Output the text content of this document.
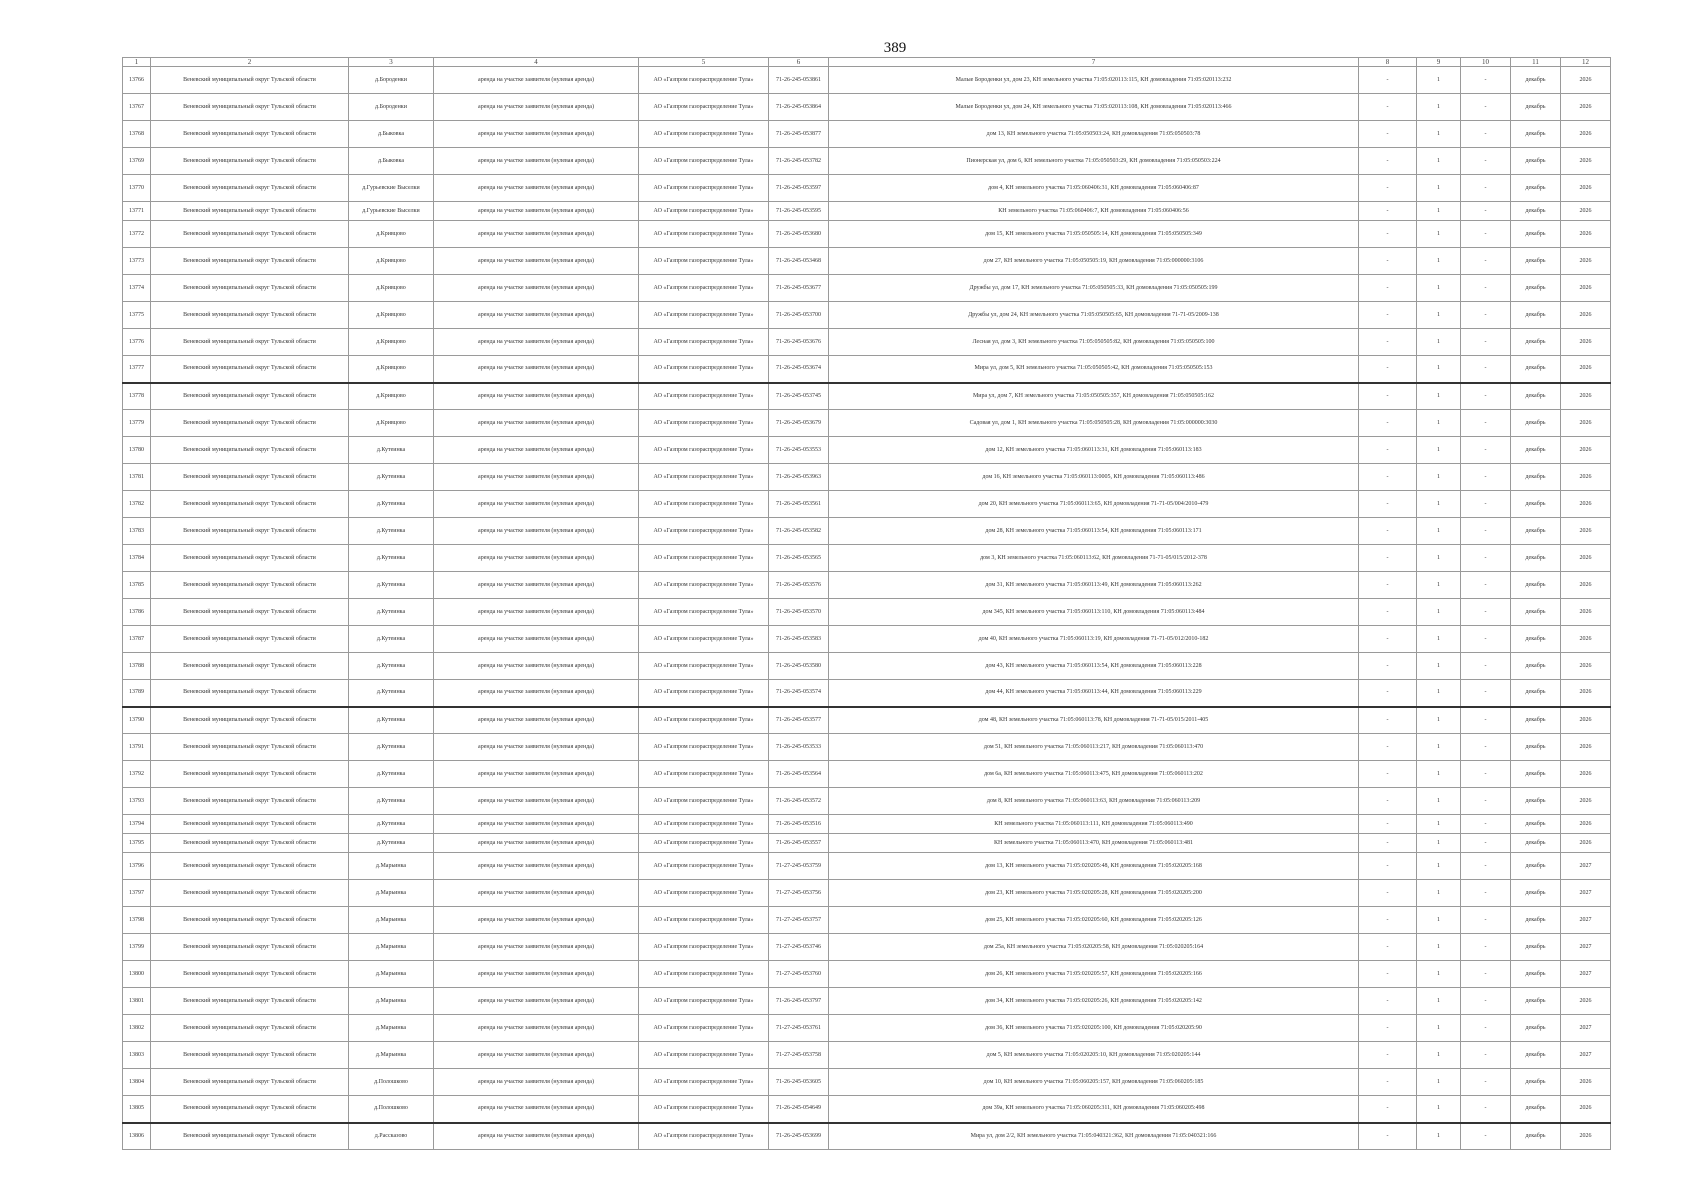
389
1	2	3	4	5	6	7	8	9	10	11	12
13766	Веневский муниципальный округ Тульской области	д.Бороденки	аренда на участке заявителя (нулевая аренда)	АО «Газпром газораспределение Тула»	71-26-245-053861	Малые Бороденки ул, дом 23, КН земельного участка 71:05:020113:115, КН домовладения 71:05:020113:232	-	1	-	декабрь	2026
13767	Веневский муниципальный округ Тульской области	д.Бороденки	аренда на участке заявителя (нулевая аренда)	АО «Газпром газораспределение Тула»	71-26-245-053864	Малые Бороденки ул, дом 24, КН земельного участка 71:05:020113:108, КН домовладения 71:05:020113:466	-	1	-	декабрь	2026
13768	Веневский муниципальный округ Тульской области	д.Быковка	аренда на участке заявителя (нулевая аренда)	АО «Газпром газораспределение Тула»	71-26-245-053877	дом 13, КН земельного участка 71:05:050503:24, КН домовладения 71:05:050503:78	-	1	-	декабрь	2026
13769	Веневский муниципальный округ Тульской области	д.Быковка	аренда на участке заявителя (нулевая аренда)	АО «Газпром газораспределение Тула»	71-26-245-053782	Пионерская ул, дом 6, КН земельного участка 71:05:050503:29, КН домовладения 71:05:050503:224	-	1	-	декабрь	2026
13770	Веневский муниципальный округ Тульской области	д.Гурьевские Выселки	аренда на участке заявителя (нулевая аренда)	АО «Газпром газораспределение Тула»	71-26-245-053597	дом 4, КН земельного участка 71:05:060406:31, КН домовладения 71:05:060406:87	-	1	-	декабрь	2026
13771	Веневский муниципальный округ Тульской области	д.Гурьевские Выселки	аренда на участке заявителя (нулевая аренда)	АО «Газпром газораспределение Тула»	71-26-245-053595	КН земельного участка 71:05:060406:7, КН домовладения 71:05:060406:56	-	1	-	декабрь	2026
13772	Веневский муниципальный округ Тульской области	д.Кривцово	аренда на участке заявителя (нулевая аренда)	АО «Газпром газораспределение Тула»	71-26-245-053680	дом 15, КН земельного участка 71:05:050505:14, КН домовладения 71:05:050505:349	-	1	-	декабрь	2026
13773	Веневский муниципальный округ Тульской области	д.Кривцово	аренда на участке заявителя (нулевая аренда)	АО «Газпром газораспределение Тула»	71-26-245-053468	дом 27, КН земельного участка 71:05:050505:19, КН домовладения 71:05:000000:3106	-	1	-	декабрь	2026
13774	Веневский муниципальный округ Тульской области	д.Кривцово	аренда на участке заявителя (нулевая аренда)	АО «Газпром газораспределение Тула»	71-26-245-053677	Дружбы ул, дом 17, КН земельного участка 71:05:050505:33, КН домовладения 71:05:050505:199	-	1	-	декабрь	2026
13775	Веневский муниципальный округ Тульской области	д.Кривцово	аренда на участке заявителя (нулевая аренда)	АО «Газпром газораспределение Тула»	71-26-245-053700	Дружбы ул, дом 24, КН земельного участка 71:05:050505:65, КН домовладения 71-71-05/2009-138	-	1	-	декабрь	2026
13776	Веневский муниципальный округ Тульской области	д.Кривцово	аренда на участке заявителя (нулевая аренда)	АО «Газпром газораспределение Тула»	71-26-245-053676	Лесная ул, дом 3, КН земельного участка 71:05:050505:82, КН домовладения 71:05:050505:100	-	1	-	декабрь	2026
13777	Веневский муниципальный округ Тульской области	д.Кривцово	аренда на участке заявителя (нулевая аренда)	АО «Газпром газораспределение Тула»	71-26-245-053674	Мира ул, дом 5, КН земельного участка 71:05:050505:42, КН домовладения 71:05:050505:153	-	1	-	декабрь	2026
13778	Веневский муниципальный округ Тульской области	д.Кривцово	аренда на участке заявителя (нулевая аренда)	АО «Газпром газораспределение Тула»	71-26-245-053745	Мира ул, дом 7, КН земельного участка 71:05:050505:357, КН домовладения 71:05:050505:162	-	1	-	декабрь	2026
13779	Веневский муниципальный округ Тульской области	д.Кривцово	аренда на участке заявителя (нулевая аренда)	АО «Газпром газораспределение Тула»	71-26-245-053679	Садовая ул, дом 1, КН земельного участка 71:05:050505:28, КН домовладения 71:05:000000:3030	-	1	-	декабрь	2026
13780	Веневский муниципальный округ Тульской области	д.Кутеинка	аренда на участке заявителя (нулевая аренда)	АО «Газпром газораспределение Тула»	71-26-245-053553	дом 12, КН земельного участка 71:05:060113:31, КН домовладения 71:05:060113:183	-	1	-	декабрь	2026
13781	Веневский муниципальный округ Тульской области	д.Кутеинка	аренда на участке заявителя (нулевая аренда)	АО «Газпром газораспределение Тула»	71-26-245-053963	дом 16, КН земельного участка 71:05:060113:0005, КН домовладения 71:05:060113:486	-	1	-	декабрь	2026
13782	Веневский муниципальный округ Тульской области	д.Кутеинка	аренда на участке заявителя (нулевая аренда)	АО «Газпром газораспределение Тула»	71-26-245-053561	дом 20, КН земельного участка 71:05:060113:65, КН домовладения 71-71-05/004/2010-479	-	1	-	декабрь	2026
13783	Веневский муниципальный округ Тульской области	д.Кутеинка	аренда на участке заявителя (нулевая аренда)	АО «Газпром газораспределение Тула»	71-26-245-053582	дом 28, КН земельного участка 71:05:060113:54, КН домовладения 71:05:060113:171	-	1	-	декабрь	2026
13784	Веневский муниципальный округ Тульской области	д.Кутеинка	аренда на участке заявителя (нулевая аренда)	АО «Газпром газораспределение Тула»	71-26-245-053565	дом 3, КН земельного участка 71:05:060113:62, КН домовладения 71-71-05/015/2012-378	-	1	-	декабрь	2026
13785	Веневский муниципальный округ Тульской области	д.Кутеинка	аренда на участке заявителя (нулевая аренда)	АО «Газпром газораспределение Тула»	71-26-245-053576	дом 31, КН земельного участка 71:05:060113:49, КН домовладения 71:05:060113:262	-	1	-	декабрь	2026
13786	Веневский муниципальный округ Тульской области	д.Кутеинка	аренда на участке заявителя (нулевая аренда)	АО «Газпром газораспределение Тула»	71-26-245-053570	дом 345, КН земельного участка 71:05:060113:110, КН домовладения 71:05:060113:484	-	1	-	декабрь	2026
13787	Веневский муниципальный округ Тульской области	д.Кутеинка	аренда на участке заявителя (нулевая аренда)	АО «Газпром газораспределение Тула»	71-26-245-053583	дом 40, КН земельного участка 71:05:060113:19, КН домовладения 71-71-05/012/2010-182	-	1	-	декабрь	2026
13788	Веневский муниципальный округ Тульской области	д.Кутеинка	аренда на участке заявителя (нулевая аренда)	АО «Газпром газораспределение Тула»	71-26-245-053580	дом 43, КН земельного участка 71:05:060113:54, КН домовладения 71:05:060113:228	-	1	-	декабрь	2026
13789	Веневский муниципальный округ Тульской области	д.Кутеинка	аренда на участке заявителя (нулевая аренда)	АО «Газпром газораспределение Тула»	71-26-245-053574	дом 44, КН земельного участка 71:05:060113:44, КН домовладения 71:05:060113:229	-	1	-	декабрь	2026
13790	Веневский муниципальный округ Тульской области	д.Кутеинка	аренда на участке заявителя (нулевая аренда)	АО «Газпром газораспределение Тула»	71-26-245-053577	дом 48, КН земельного участка 71:05:060113:78, КН домовладения 71-71-05/015/2011-405	-	1	-	декабрь	2026
13791	Веневский муниципальный округ Тульской области	д.Кутеинка	аренда на участке заявителя (нулевая аренда)	АО «Газпром газораспределение Тула»	71-26-245-053533	дом 51, КН земельного участка 71:05:060113:217, КН домовладения 71:05:060113:470	-	1	-	декабрь	2026
13792	Веневский муниципальный округ Тульской области	д.Кутеинка	аренда на участке заявителя (нулевая аренда)	АО «Газпром газораспределение Тула»	71-26-245-053564	дом 6а, КН земельного участка 71:05:060113:475, КН домовладения 71:05:060113:202	-	1	-	декабрь	2026
13793	Веневский муниципальный округ Тульской области	д.Кутеинка	аренда на участке заявителя (нулевая аренда)	АО «Газпром газораспределение Тула»	71-26-245-053572	дом 8, КН земельного участка 71:05:060113:63, КН домовладения 71:05:060113:209	-	1	-	декабрь	2026
13794	Веневский муниципальный округ Тульской области	д.Кутеинка	аренда на участке заявителя (нулевая аренда)	АО «Газпром газораспределение Тула»	71-26-245-053516	КН земельного участка 71:05:060113:111, КН домовладения 71:05:060113:490	-	1	-	декабрь	2026
13795	Веневский муниципальный округ Тульской области	д.Кутеинка	аренда на участке заявителя (нулевая аренда)	АО «Газпром газораспределение Тула»	71-26-245-053557	КН земельного участка 71:05:060113:470, КН домовладения 71:05:060113:481	-	1	-	декабрь	2026
13796	Веневский муниципальный округ Тульской области	д.Марьинка	аренда на участке заявителя (нулевая аренда)	АО «Газпром газораспределение Тула»	71-27-245-053759	дом 13, КН земельного участка 71:05:020205:48, КН домовладения 71:05:020205:168	-	1	-	декабрь	2027
13797	Веневский муниципальный округ Тульской области	д.Марьинка	аренда на участке заявителя (нулевая аренда)	АО «Газпром газораспределение Тула»	71-27-245-053756	дом 23, КН земельного участка 71:05:020205:28, КН домовладения 71:05:020205:200	-	1	-	декабрь	2027
13798	Веневский муниципальный округ Тульской области	д.Марьинка	аренда на участке заявителя (нулевая аренда)	АО «Газпром газораспределение Тула»	71-27-245-053757	дом 25, КН земельного участка 71:05:020205:60, КН домовладения 71:05:020205:126	-	1	-	декабрь	2027
13799	Веневский муниципальный округ Тульской области	д.Марьинка	аренда на участке заявителя (нулевая аренда)	АО «Газпром газораспределение Тула»	71-27-245-053746	дом 25а, КН земельного участка 71:05:020205:58, КН домовладения 71:05:020205:164	-	1	-	декабрь	2027
13800	Веневский муниципальный округ Тульской области	д.Марьинка	аренда на участке заявителя (нулевая аренда)	АО «Газпром газораспределение Тула»	71-27-245-053760	дом 26, КН земельного участка 71:05:020205:57, КН домовладения 71:05:020205:166	-	1	-	декабрь	2027
13801	Веневский муниципальный округ Тульской области	д.Марьинка	аренда на участке заявителя (нулевая аренда)	АО «Газпром газораспределение Тула»	71-26-245-053797	дом 34, КН земельного участка 71:05:020205:26, КН домовладения 71:05:020205:142	-	1	-	декабрь	2026
13802	Веневский муниципальный округ Тульской области	д.Марьинка	аренда на участке заявителя (нулевая аренда)	АО «Газпром газораспределение Тула»	71-27-245-053761	дом 36, КН земельного участка 71:05:020205:100, КН домовладения 71:05:020205:90	-	1	-	декабрь	2027
13803	Веневский муниципальный округ Тульской области	д.Марьинка	аренда на участке заявителя (нулевая аренда)	АО «Газпром газораспределение Тула»	71-27-245-053758	дом 5, КН земельного участка 71:05:020205:10, КН домовладения 71:05:020205:144	-	1	-	декабрь	2027
13804	Веневский муниципальный округ Тульской области	д.Полошково	аренда на участке заявителя (нулевая аренда)	АО «Газпром газораспределение Тула»	71-26-245-053605	дом 10, КН земельного участка 71:05:060205:157, КН домовладения 71:05:060205:185	-	1	-	декабрь	2026
13805	Веневский муниципальный округ Тульской области	д.Полошково	аренда на участке заявителя (нулевая аренда)	АО «Газпром газораспределение Тула»	71-26-245-054649	дом 39а, КН земельного участка 71:05:060205:311, КН домовладения 71:05:060205:498	-	1	-	декабрь	2026
13806	Веневский муниципальный округ Тульской области	д.Рассказово	аренда на участке заявителя (нулевая аренда)	АО «Газпром газораспределение Тула»	71-26-245-053699	Мира ул, дом 2/2, КН земельного участка 71:05:040321:362, КН домовладения 71:05:040321:166	-	1	-	декабрь	2026
